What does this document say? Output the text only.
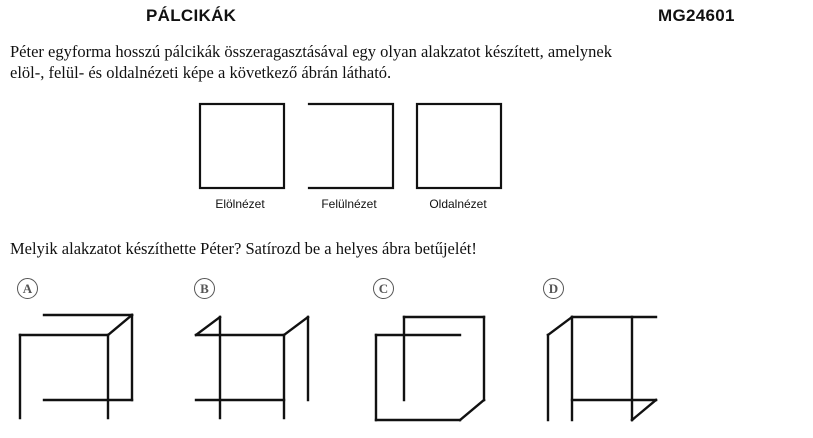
PÁLCIKÁK	MG24601
Péter egyforma hosszú pálcikák összeragasztásával egy olyan alakzatot készített, amelynek
elöl-, felül- és oldalnézeti képe a következő ábrán látható.
Elölnézet	Felülnézet	Oldalnézet
Melyik alakzatot készíthette Péter? Satírozd be a helyes ábra betűjelét!
A	B	C	D
